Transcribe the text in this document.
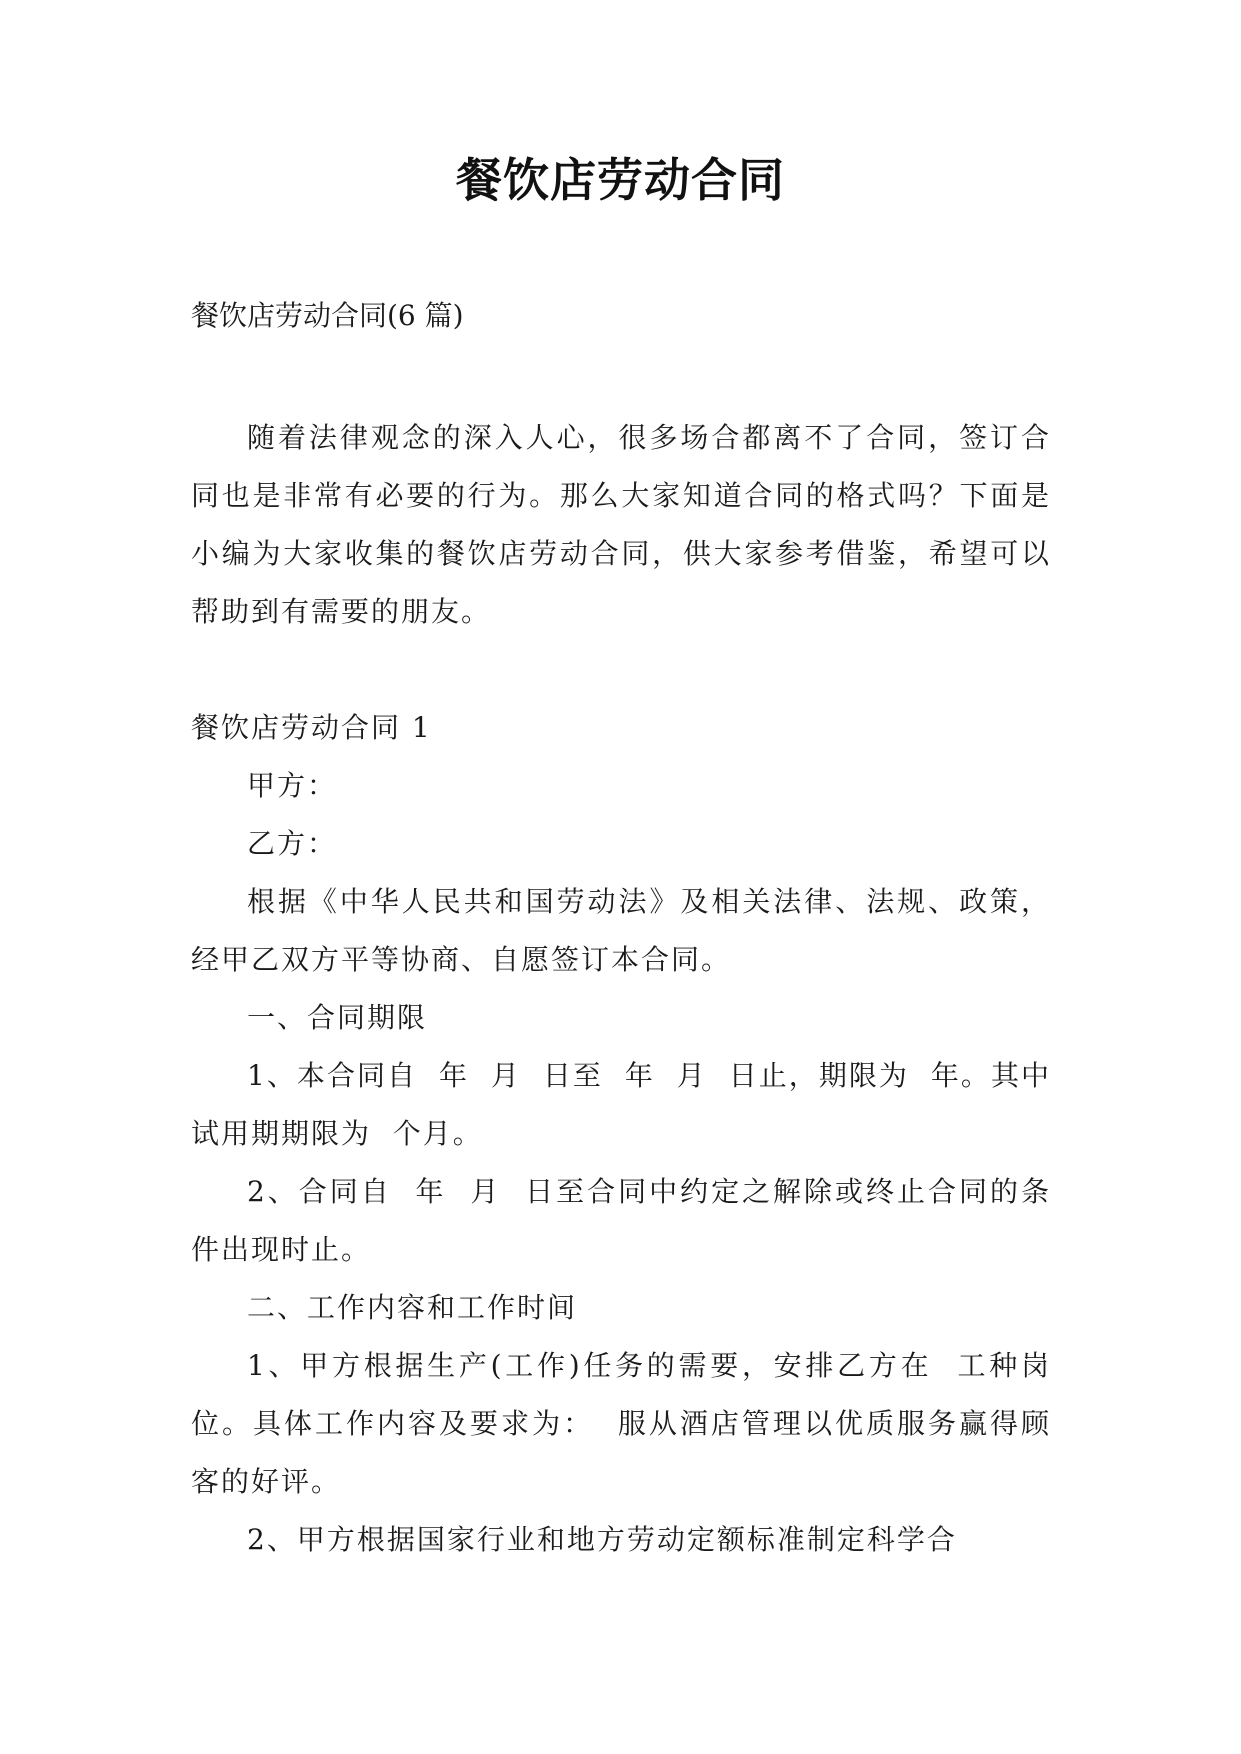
餐饮店劳动合同
餐饮店劳动合同(6 篇)

随着法律观念的深入人心，很多场合都离不了合同，签订合同也是非常有必要的行为。那么大家知道合同的格式吗？下面是小编为大家收集的餐饮店劳动合同，供大家参考借鉴，希望可以帮助到有需要的朋友。

餐饮店劳动合同 1

甲方：

乙方：

根据《中华人民共和国劳动法》及相关法律、法规、政策，经甲乙双方平等协商、自愿签订本合同。

一、合同期限

1、本合同自  年  月  日至  年  月  日止，期限为  年。其中试用期期限为  个月。

2、合同自  年  月  日至合同中约定之解除或终止合同的条件出现时止。

二、工作内容和工作时间

1、甲方根据生产(工作)任务的需要，安排乙方在  工种岗位。具体工作内容及要求为：  服从酒店管理以优质服务赢得顾客的好评。

2、甲方根据国家行业和地方劳动定额标准制定科学合
